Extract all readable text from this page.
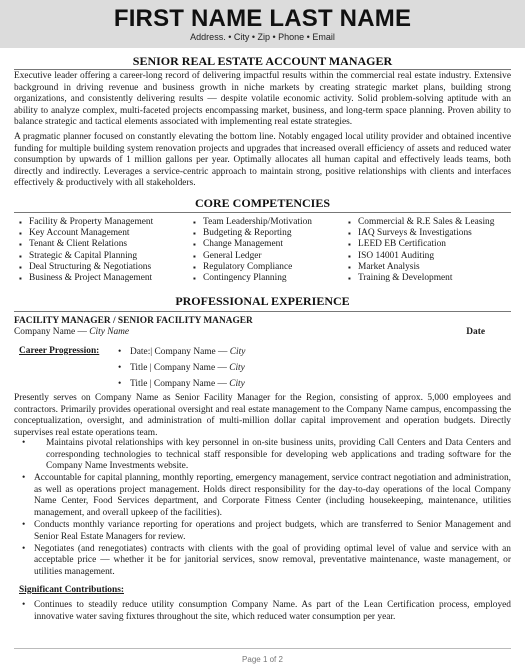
FIRST NAME LAST NAME
Address. • City • Zip • Phone • Email
SENIOR REAL ESTATE ACCOUNT MANAGER

Executive leader offering a career-long record of delivering impactful results within the commercial real estate industry. Extensive background in driving revenue and business growth in niche markets by creating strategic market plans, building strong organizations, and consistently delivering results — despite volatile economic activity. Solid problem-solving aptitude with an ability to analyze complex, multi-faceted projects encompassing market, business, and long-term space planning. Proven ability to balance strategic and tactical elements associated with implementing real estate strategies.

A pragmatic planner focused on constantly elevating the bottom line. Notably engaged local utility provider and obtained incentive funding for multiple building system renovation projects and upgrades that increased overall efficiency of assets and reduced water consumption by upwards of 1 million gallons per year. Optimally allocates all human capital and effectively leads teams, both directly and indirectly. Leverages a service-centric approach to maintain strong, positive relationships with clients and interfaces effectively & productively with all stakeholders.

CORE COMPETENCIES
▪ Facility & Property Management
▪ Key Account Management
▪ Tenant & Client Relations
▪ Strategic & Capital Planning
▪ Deal Structuring & Negotiations
▪ Business & Project Management
▪ Team Leadership/Motivation
▪ Budgeting & Reporting
▪ Change Management
▪ General Ledger
▪ Regulatory Compliance
▪ Contingency Planning
▪ Commercial & R.E Sales & Leasing
▪ IAQ Surveys & Investigations
▪ LEED EB Certification
▪ ISO 14001 Auditing
▪ Market Analysis
▪ Training & Development
PROFESSIONAL EXPERIENCE
FACILITY MANAGER / SENIOR FACILITY MANAGER
Company Name — City Name	Date
Career Progression:
•	Date:| Company Name — City
• Title | Company Name — City
• Title | Company Name — City

Presently serves on Company Name as Senior Facility Manager for the Region, consisting of approx. 5,000 employees and contractors. Primarily provides operational oversight and real estate management to the Company Name campus, encompassing the conceptualization, oversight, and administration of multi-million dollar capital improvement and operation budgets. Directly supervises real estate operations team.

• Maintains pivotal relationships with key personnel in on-site business units, providing Call Centers and Data Centers and corresponding technologies to technical staff responsible for developing web applications and trading software for the Company Name Investments website.
• Accountable for capital planning, monthly reporting, emergency management, service contract negotiation and administration, as well as operations project management. Holds direct responsibility for the day-to-day operations of the local Company Name Center, Food Services department, and Corporate Fitness Center (including housekeeping, maintenance, utilities management, and overall upkeep of the facilities).
• Conducts monthly variance reporting for operations and project budgets, which are transferred to Senior Management and Senior Real Estate Managers for review.
• Negotiates (and renegotiates) contracts with clients with the goal of providing optimal level of value and service with an acceptable price — whether it be for janitorial services, snow removal, preventative maintenance, waste management, or utilities management.
Significant Contributions:
• Continues to steadily reduce utility consumption Company Name. As part of the Lean Certification process, employed innovative water saving fixtures throughout the site, which reduced water consumption per year.
Page 1 of 2
